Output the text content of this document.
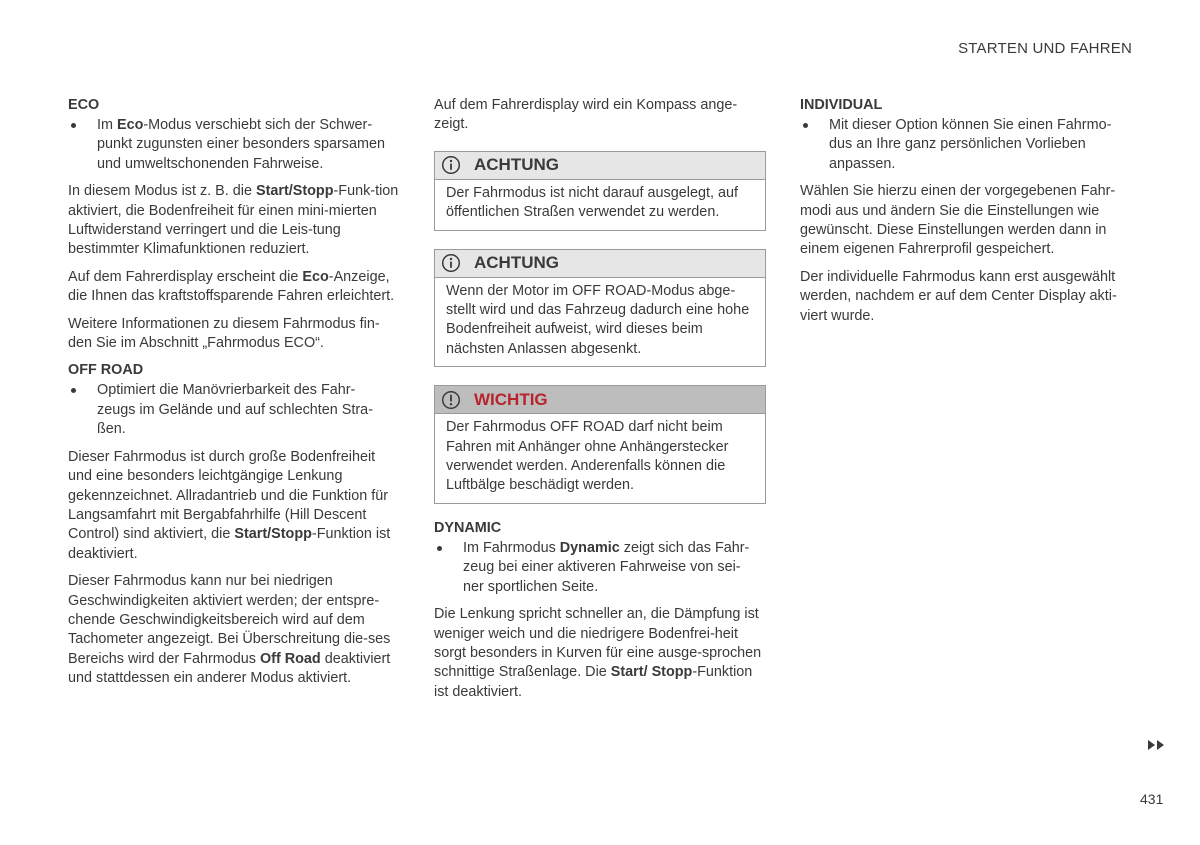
STARTEN UND FAHREN
ECO
Im Eco-Modus verschiebt sich der Schwer-punkt zugunsten einer besonders sparsamen und umweltschonenden Fahrweise.

In diesem Modus ist z. B. die Start/Stopp-Funk-tion aktiviert, die Bodenfreiheit für einen mini-mierten Luftwiderstand verringert und die Leis-tung bestimmter Klimafunktionen reduziert.

Auf dem Fahrerdisplay erscheint die Eco-Anzeige, die Ihnen das kraftstoffsparende Fahren erleichtert.

Weitere Informationen zu diesem Fahrmodus fin-den Sie im Abschnitt „Fahrmodus ECO“.

OFF ROAD
Optimiert die Manövrierbarkeit des Fahr-zeugs im Gelände und auf schlechten Stra-ßen.

Dieser Fahrmodus ist durch große Bodenfreiheit und eine besonders leichtgängige Lenkung gekennzeichnet. Allradantrieb und die Funktion für Langsamfahrt mit Bergabfahrhilfe (Hill Descent Control) sind aktiviert, die Start/Stopp-Funktion ist deaktiviert.

Dieser Fahrmodus kann nur bei niedrigen Geschwindigkeiten aktiviert werden; der entspre-chende Geschwindigkeitsbereich wird auf dem Tachometer angezeigt. Bei Überschreitung die-ses Bereichs wird der Fahrmodus Off Road deaktiviert und stattdessen ein anderer Modus aktiviert.

Auf dem Fahrerdisplay wird ein Kompass ange-zeigt.

ACHTUNG
Der Fahrmodus ist nicht darauf ausgelegt, auf öffentlichen Straßen verwendet zu werden.
ACHTUNG
Wenn der Motor im OFF ROAD-Modus abge-stellt wird und das Fahrzeug dadurch eine hohe Bodenfreiheit aufweist, wird dieses beim nächsten Anlassen abgesenkt.
WICHTIG
Der Fahrmodus OFF ROAD darf nicht beim Fahren mit Anhänger ohne Anhängerstecker verwendet werden. Anderenfalls können die Luftbälge beschädigt werden.
DYNAMIC
Im Fahrmodus Dynamic zeigt sich das Fahr-zeug bei einer aktiveren Fahrweise von sei-ner sportlichen Seite.

Die Lenkung spricht schneller an, die Dämpfung ist weniger weich und die niedrigere Bodenfrei-heit sorgt besonders in Kurven für eine ausge-sprochen schnittige Straßenlage. Die Start/ Stopp-Funktion ist deaktiviert.

INDIVIDUAL
Mit dieser Option können Sie einen Fahrmo-dus an Ihre ganz persönlichen Vorlieben anpassen.

Wählen Sie hierzu einen der vorgegebenen Fahr-modi aus und ändern Sie die Einstellungen wie gewünscht. Diese Einstellungen werden dann in einem eigenen Fahrerprofil gespeichert.

Der individuelle Fahrmodus kann erst ausgewählt werden, nachdem er auf dem Center Display akti-viert wurde.

431
